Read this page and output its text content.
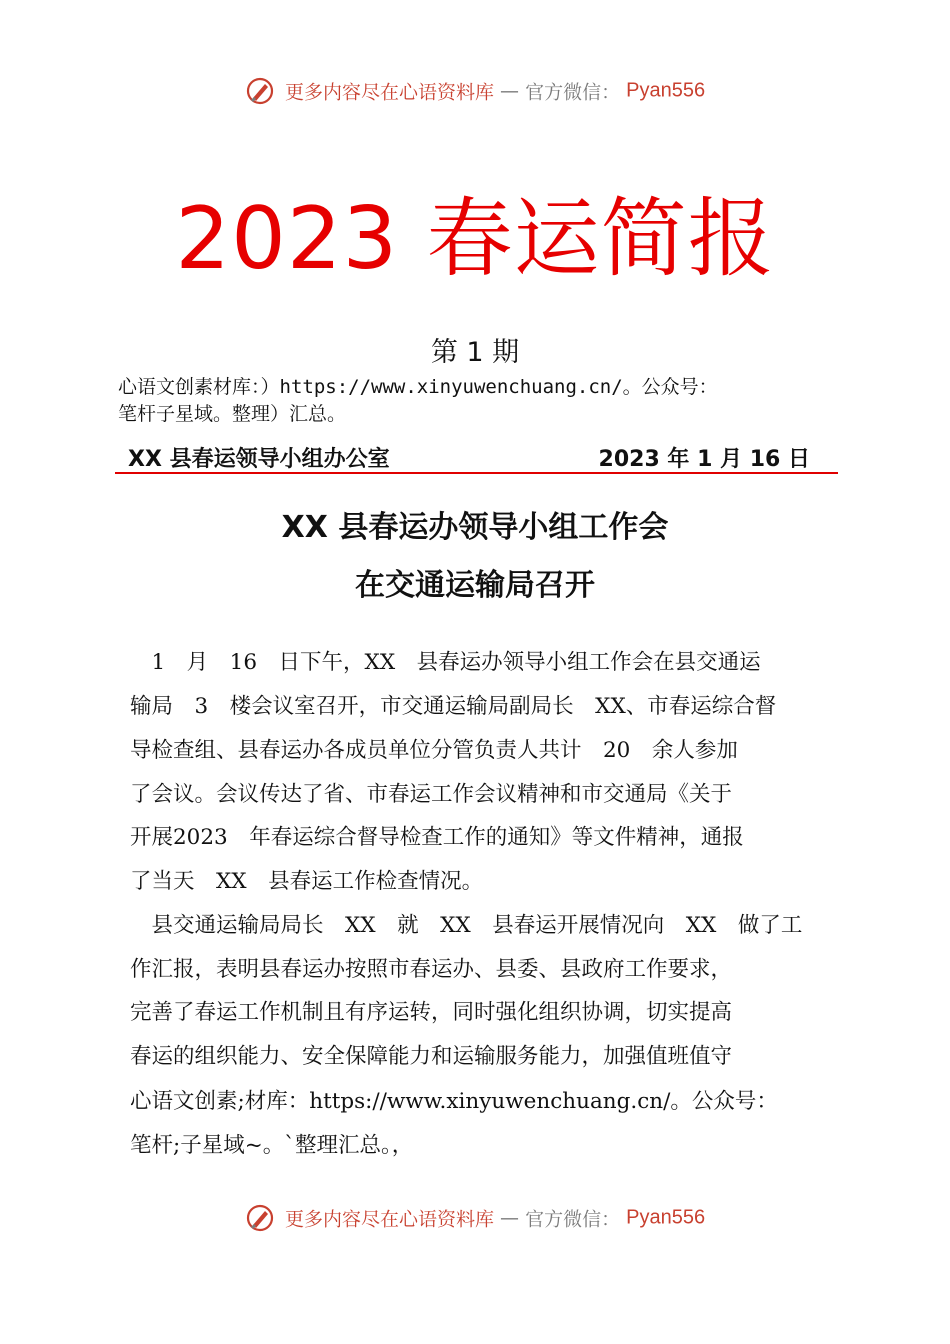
更多内容尽在心语资料库 — 官方微信： Pyan556
2023 春运简报
第 1 期
心语文创素材库：）https://www.xinyuwenchuang.cn/。公众号：
笔杆子星域。整理）汇总。
XX 县春运领导小组办公室	2023 年 1 月 16 日
XX 县春运办领导小组工作会
在交通运输局召开
　1　月　16　日下午，XX　县春运办领导小组工作会在县交通运
输局　3　楼会议室召开，市交通运输局副局长　XX、市春运综合督
导检查组、县春运办各成员单位分管负责人共计　20　余人参加
了会议。会议传达了省、市春运工作会议精神和市交通局《关于
开展2023　年春运综合督导检查工作的通知》等文件精神，通报
了当天　XX　县春运工作检查情况。
　县交通运输局局长　XX　就　XX　县春运开展情况向　XX　做了工
作汇报，表明县春运办按照市春运办、县委、县政府工作要求，
完善了春运工作机制且有序运转，同时强化组织协调，切实提高
春运的组织能力、安全保障能力和运输服务能力，加强值班值守
心语文创素;材库：https://www.xinyuwenchuang.cn/。公众号：
笔杆;子星域~。`整理汇总。，
更多内容尽在心语资料库 — 官方微信： Pyan556
